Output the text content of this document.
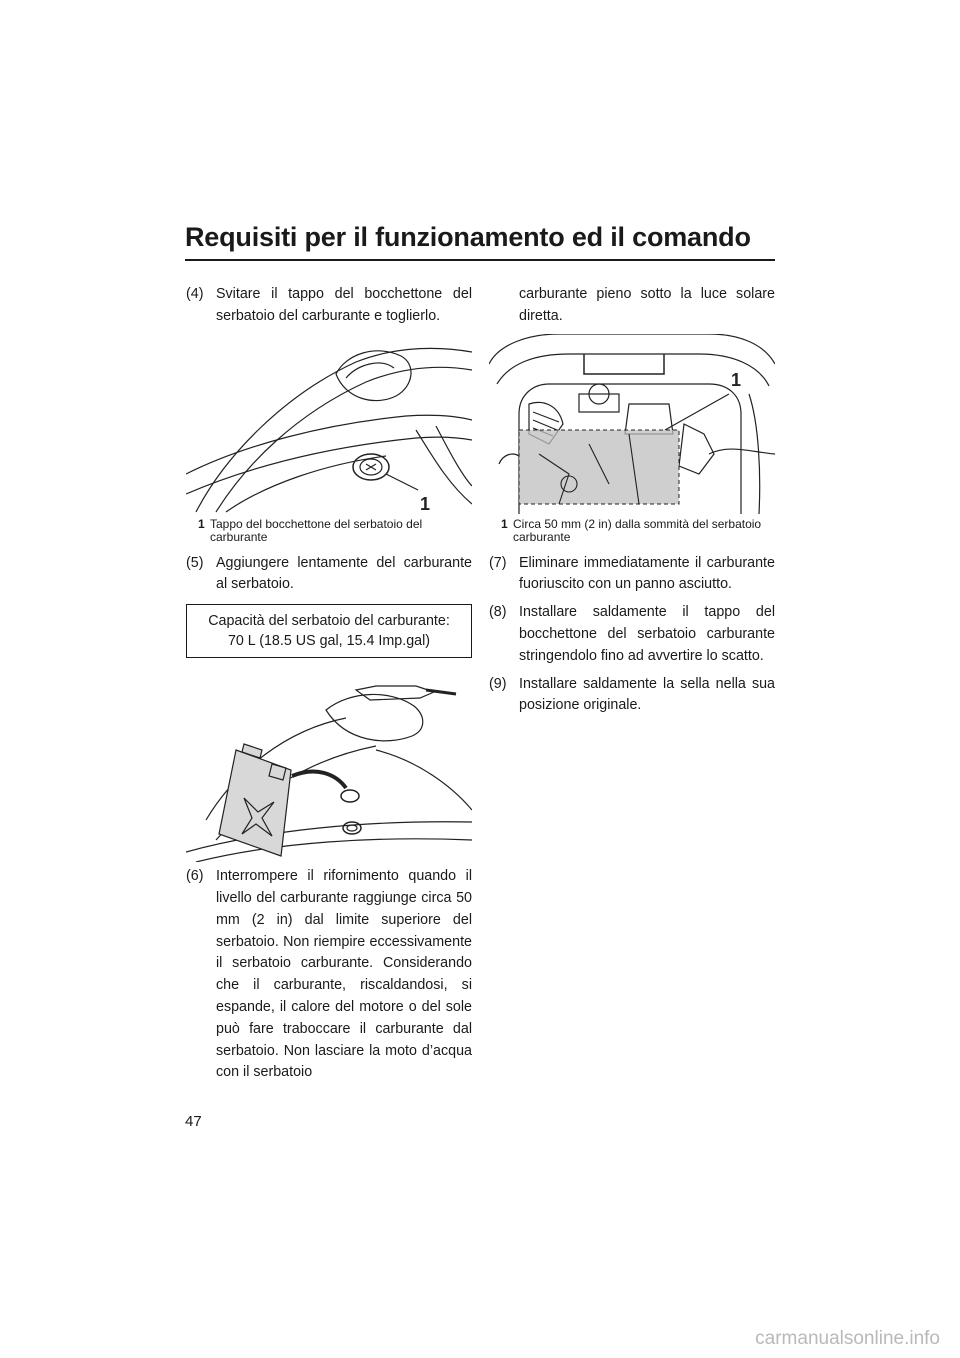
Requisiti per il funzionamento ed il comando
(4) Svitare il tappo del bocchettone del serbatoio del carburante e toglierlo.
1
1 Tappo del bocchettone del serbatoio del carburante
(5) Aggiungere lentamente del carburante al serbatoio.
Capacità del serbatoio del carburante:
70 L (18.5 US gal, 15.4 Imp.gal)
(6) Interrompere il rifornimento quando il livello del carburante raggiunge circa 50 mm (2 in) dal limite superiore del serbatoio. Non riempire eccessivamente il serbatoio carburante. Considerando che il carburante, riscaldandosi, si espande, il calore del motore o del sole può fare traboccare il carburante dal serbatoio. Non lasciare la moto d’acqua con il serbatoio
carburante pieno sotto la luce solare diretta.
1
1 Circa 50 mm (2 in) dalla sommità del serbatoio carburante
(7) Eliminare immediatamente il carburante fuoriuscito con un panno asciutto.
(8) Installare saldamente il tappo del bocchettone del serbatoio carburante stringendolo fino ad avvertire lo scatto.
(9) Installare saldamente la sella nella sua posizione originale.
47
carmanualsonline.info
